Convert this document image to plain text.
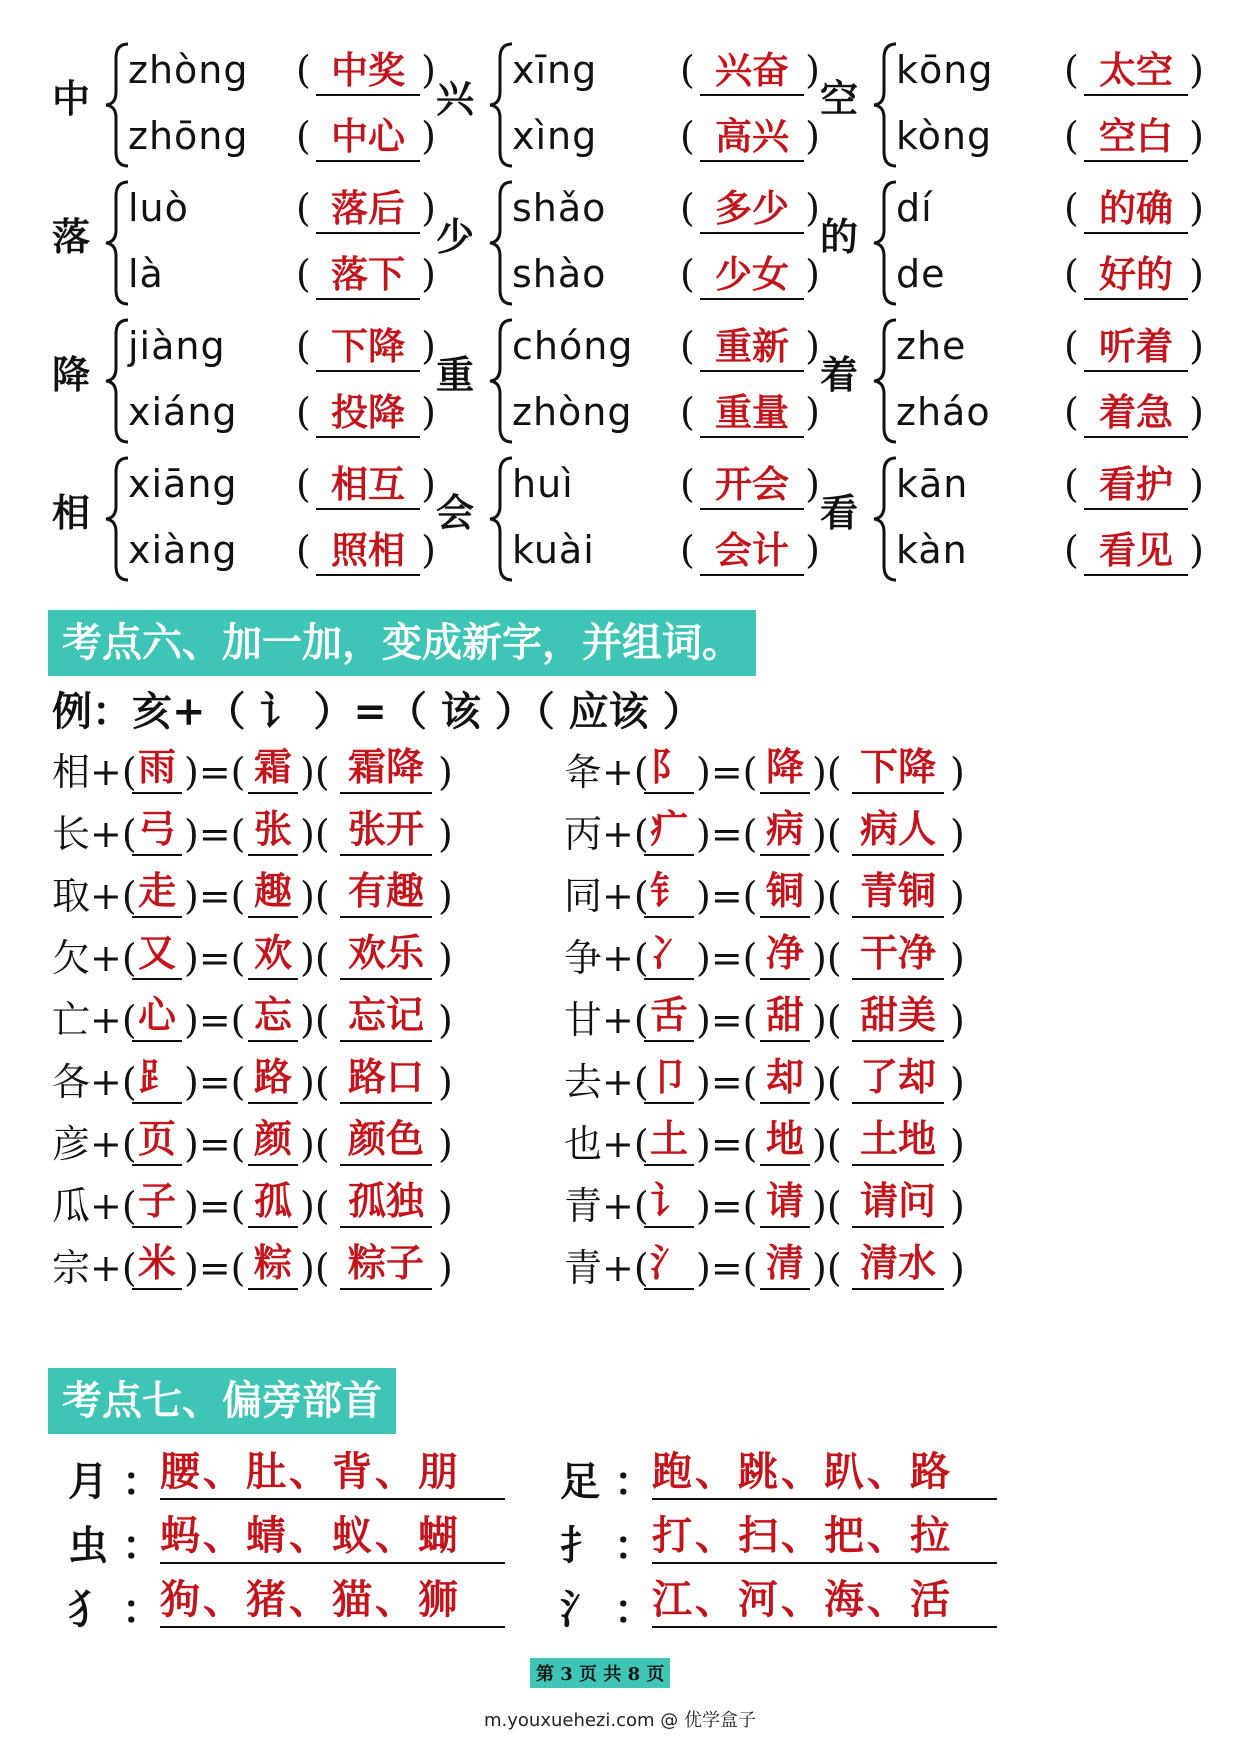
中
zhòng ( 中奖 )
zhōng ( 中心 )
兴
xīng ( 兴奋 )
xìng ( 高兴 )
空
kōng ( 太空 )
kòng ( 空白 )
落
luò	( 落后 )
là	( 落下 )
少
shǎo ( 多少 )
shào ( 少女 )
的
dí	( 的确 )
de	( 好的 )
降
jiàng ( 下降 )
xiáng ( 投降 )
重
chóng ( 重新 )
zhòng ( 重量 )
着
zhe	( 听着 )
zháo ( 着急 )
相
xiāng ( 相互 )
xiàng ( 照相 )
会
huì	( 开会 )
kuài ( 会计 )
看
kān	( 看护 )
kàn	( 看见 )
考点六、加一加，变成新字，并组词。
例：亥+（ 讠 ）=（ 该 ）（ 应该 ）
相 +( 雨 )=( 霜 )( 霜降 )
长 +( 弓 )=( 张 )( 张开 )
取 +( 走 )=( 趣 )( 有趣 )
欠 +( 又 )=( 欢 )( 欢乐 )
亡 +( 心 )=( 忘 )( 忘记 )
各 +( ⻊ )=( 路 )( 路口 )
彦 +( 页 )=( 颜 )( 颜色 )
瓜 +( 子 )=( 孤 )( 孤独 )
宗 +( 米 )=( 粽 )( 粽子 )
夅 +( 阝 )=( 降 )( 下降 )
丙 +( 疒 )=( 病 )( 病人 )
同 +( 钅 )=( 铜 )( 青铜 )
争 +( 冫 )=( 净 )( 干净 )
甘 +( 舌 )=( 甜 )( 甜美 )
去 +( 卩 )=( 却 )( 了却 )
也 +( 土 )=( 地 )( 土地 )
青 +( 讠 )=( 请 )( 请问 )
青 +( 氵 )=( 清 )( 清水 )
考点七、偏旁部首
月 ：
腰、肚、背、朋
虫 ：
蚂、蜻、蚁、蝴
犭 ：
狗、猪、猫、狮
足 ：
跑、跳、趴、路
扌 ：
打、扫、把、拉
氵 ：
江、河、海、活
第 3 页 共 8 页
m.youxuehezi.com @ 优学盒子
